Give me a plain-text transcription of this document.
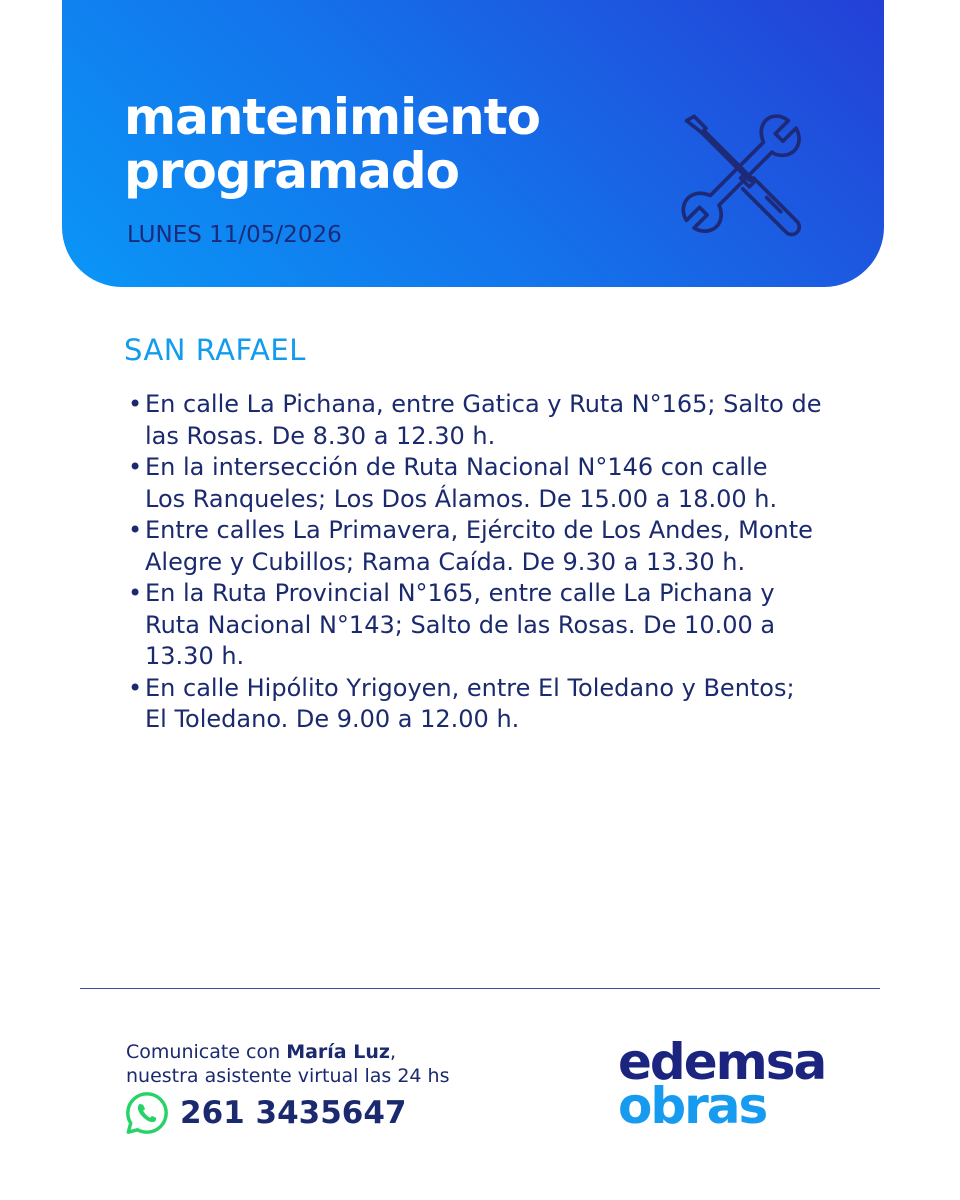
mantenimiento
programado
LUNES 11/05/2026
SAN RAFAEL
• En calle La Pichana, entre Gatica y Ruta N°165; Salto de
las Rosas. De 8.30 a 12.30 h.
• En la intersección de Ruta Nacional N°146 con calle
Los Ranqueles; Los Dos Álamos. De 15.00 a 18.00 h.
• Entre calles La Primavera, Ejército de Los Andes, Monte
Alegre y Cubillos; Rama Caída. De 9.30 a 13.30 h.
• En la Ruta Provincial N°165, entre calle La Pichana y
Ruta Nacional N°143; Salto de las Rosas. De 10.00 a
13.30 h.
• En calle Hipólito Yrigoyen, entre El Toledano y Bentos;
El Toledano. De 9.00 a 12.00 h.
Comunicate con María Luz,
nuestra asistente virtual las 24 hs
261 3435647
edemsa
obras
